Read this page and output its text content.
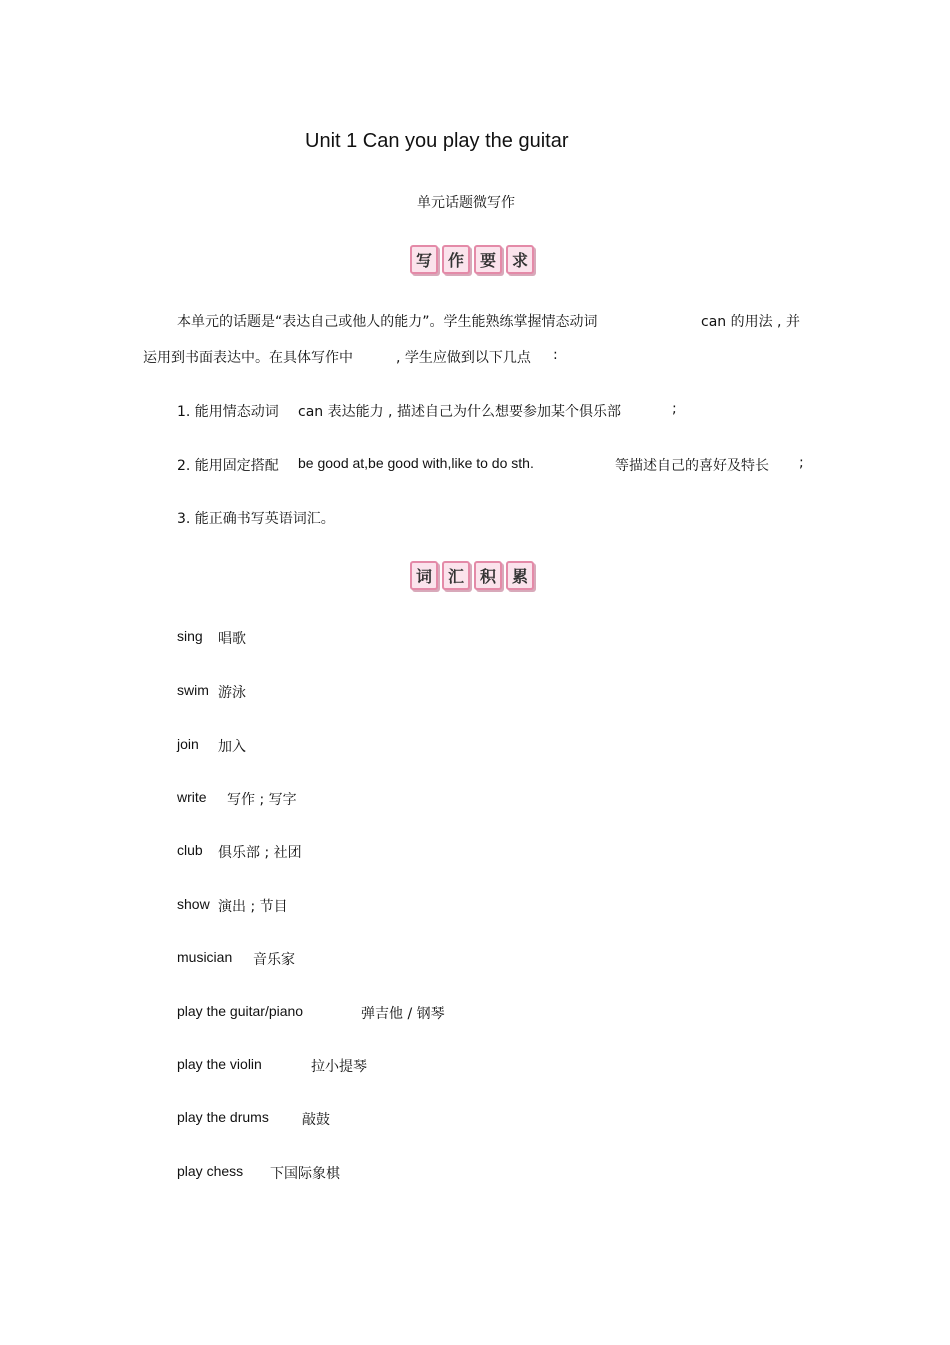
Unit 1 Can you play the guitar
单元话题微写作
写 作 要 求
本单元的话题是“表达自己或他人的能力”。学生能熟练掌握情态动词	can 的用法 , 并
运用到书面表达中。在具体写作中	, 学生应做到以下几点 :
1. 能用情态动词 can 表达能力 , 描述自己为什么想要参加某个俱乐部	;
2. 能用固定搭配 be good at,be good with,like to do sth.	等描述自己的喜好及特长 ;
3. 能正确书写英语词汇。
词 汇 积 累
sing 唱歌
swim 游泳
join 加入
write 写作 ; 写字
club 俱乐部 ; 社团
show 演出 ; 节目
musician 音乐家
play the guitar/piano	弹吉他 / 钢琴
play the violin	拉小提琴
play the drums 敲鼓
play chess 下国际象棋
